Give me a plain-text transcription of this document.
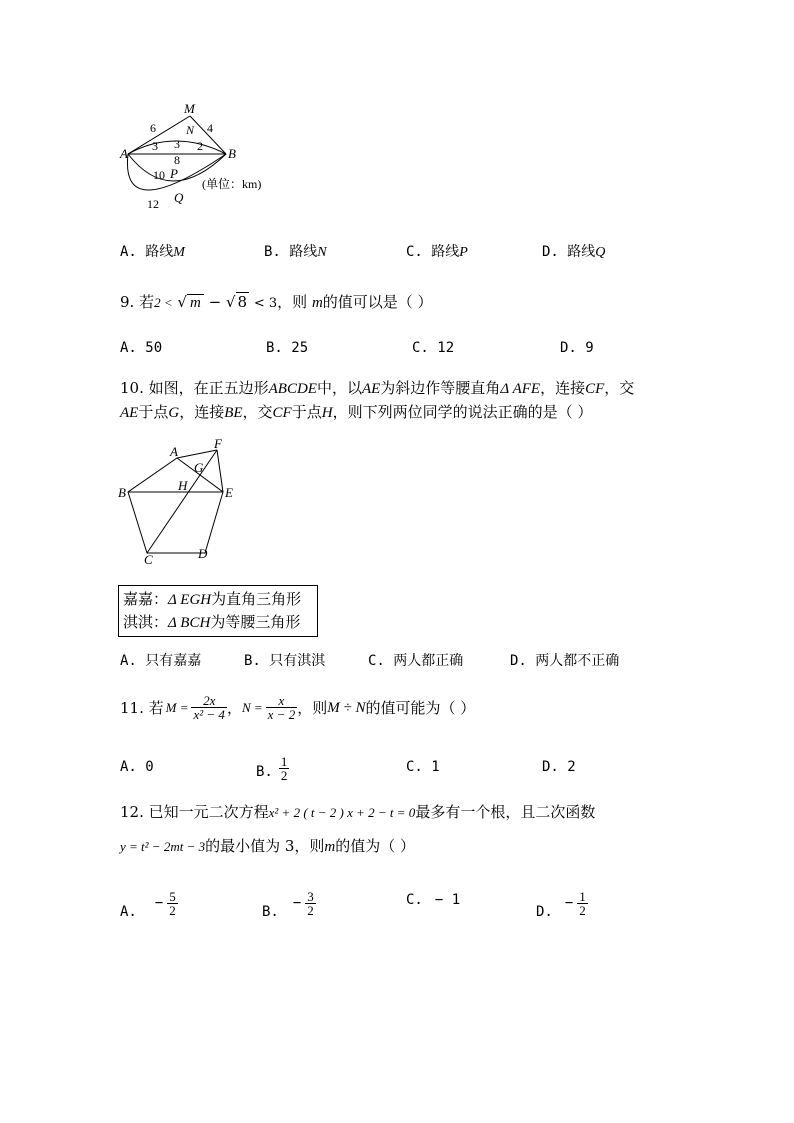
M
6	4
N
A	B
3 3 2
8
10 P
(单位：km)
12 Q
A. 路线M	B. 路线N	C. 路线P	D. 路线Q
9. 若2 < √ m − √ 8 < 3，则 m的值可以是（ ）
A. 50	B. 25	C. 12	D. 9
10. 如图，在正五边形ABCDE中，以AE为斜边作等腰直角Δ AFE，连接CF，交
AE于点G，连接BE，交CF于点H，则下列两位同学的说法正确的是（ ）
A
F
G
B	H	E
C	D
嘉嘉：Δ EGH为直角三角形
淇淇：Δ BCH为等腰三角形
A. 只有嘉嘉	B. 只有淇淇	C. 两人都正确	D. 两人都不正确
11. 若 $M = \frac{2x}{\text{x² − 4}}$ ， $N = \frac{x}{x - 2}$ ，则 M ÷ N 的值可能为（ ）
A. 0	B. $\frac{1}{2}$	C. 1	D. 2
12. 已知一元二次方程x² + 2 ( t − 2 ) x + 2 − t = 0最多有一个根，且二次函数
y = t² − 2mt − 3的最小值为 3，则m的值为（ ）
A.
− $\frac{5}{2}$	B.
− $\frac{3}{2}$	C. − 1
D.
− $\frac{1}{2}$
